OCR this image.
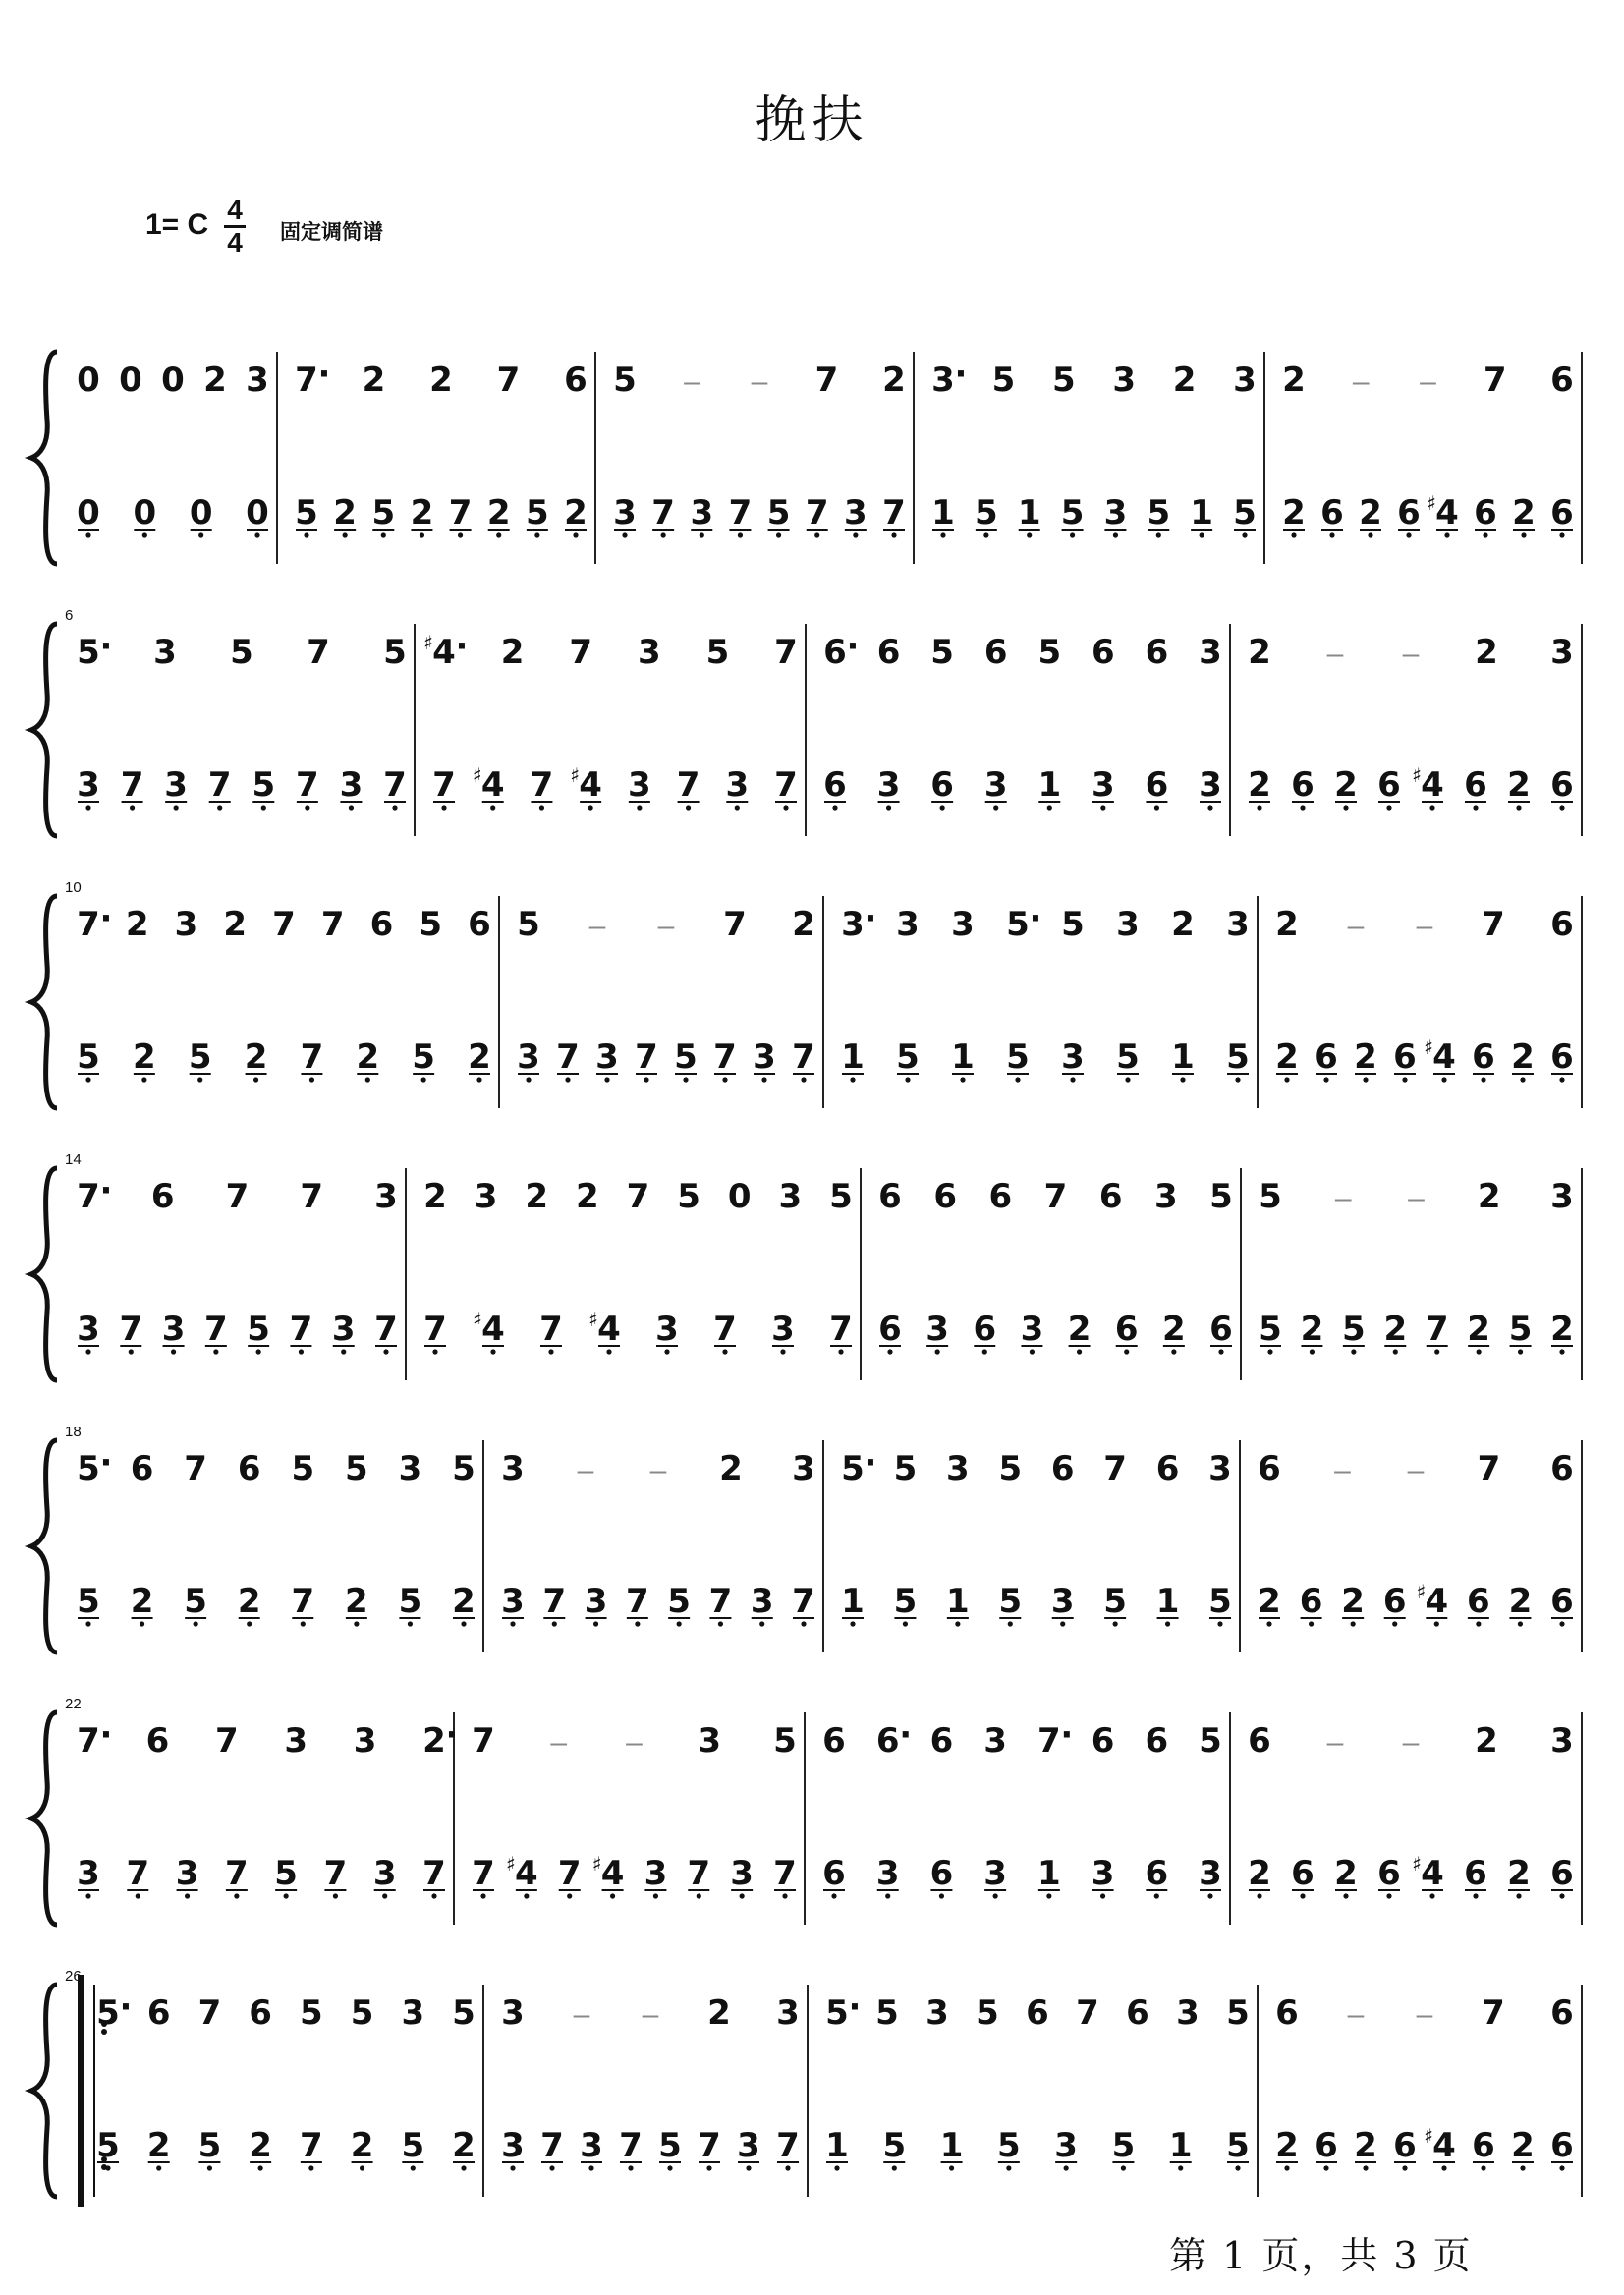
挽扶
1= C 4
4 固定调简谱
0 0 0 2 3 7 · 2 2 7 6 5 – – 7 2 3 · 5 5 3 2 3 2 – – 7 6
0 0 0 0 5 2 5 2 7 2 5 2 3 7 3 7 5 7 3 7 1 5 1 5 3 5 1 5 2 6 2 6 ♯ 4 6 2 6
6
5 · 3 5 7 5 ♯ 4 · 2 7 3 5 7 6 · 6 5 6 5 6 6 3 2 – – 2 3
3 7 3 7 5 7 3 7 7 ♯ 4 7 ♯ 4 3 7 3 7 6 3 6 3 1 3 6 3 2 6 2 6 ♯ 4 6 2 6
10
7 · 2 3 2 7 7 6 5 6 5 – – 7 2 3 · 3 3 5 · 5 3 2 3 2 – – 7 6
5 2 5 2 7 2 5 2 3 7 3 7 5 7 3 7 1 5 1 5 3 5 1 5 2 6 2 6 ♯ 4 6 2 6
14
7 · 6 7 7 3 2 3 2 2 7 5 0 3 5 6 6 6 7 6 3 5 5 – – 2 3
3 7 3 7 5 7 3 7 7 ♯ 4 7 ♯ 4 3 7 3 7 6 3 6 3 2 6 2 6 5 2 5 2 7 2 5 2
18
5 · 6 7 6 5 5 3 5 3 – – 2 3 5 · 5 3 5 6 7 6 3 6 – – 7 6
5 2 5 2 7 2 5 2 3 7 3 7 5 7 3 7 1 5 1 5 3 5 1 5 2 6 2 6 ♯ 4 6 2 6
22
7 · 6 7 3 3 2 · 7 – – 3 5 6 6 · 6 3 7 · 6 6 5 6 – – 2 3
3 7 3 7 5 7 3 7 7 ♯ 4 7 ♯ 4 3 7 3 7 6 3 6 3 1 3 6 3 2 6 2 6 ♯ 4 6 2 6
26
5 · 6 7 6 5 5 3 5 3 – – 2 3 5 · 5 3 5 6 7 6 3 5 6 – – 7 6
5 2 5 2 7 2 5 2 3 7 3 7 5 7 3 7 1 5 1 5 3 5 1 5 2 6 2 6 ♯ 4 6 2 6
第 1 页，共 3 页
